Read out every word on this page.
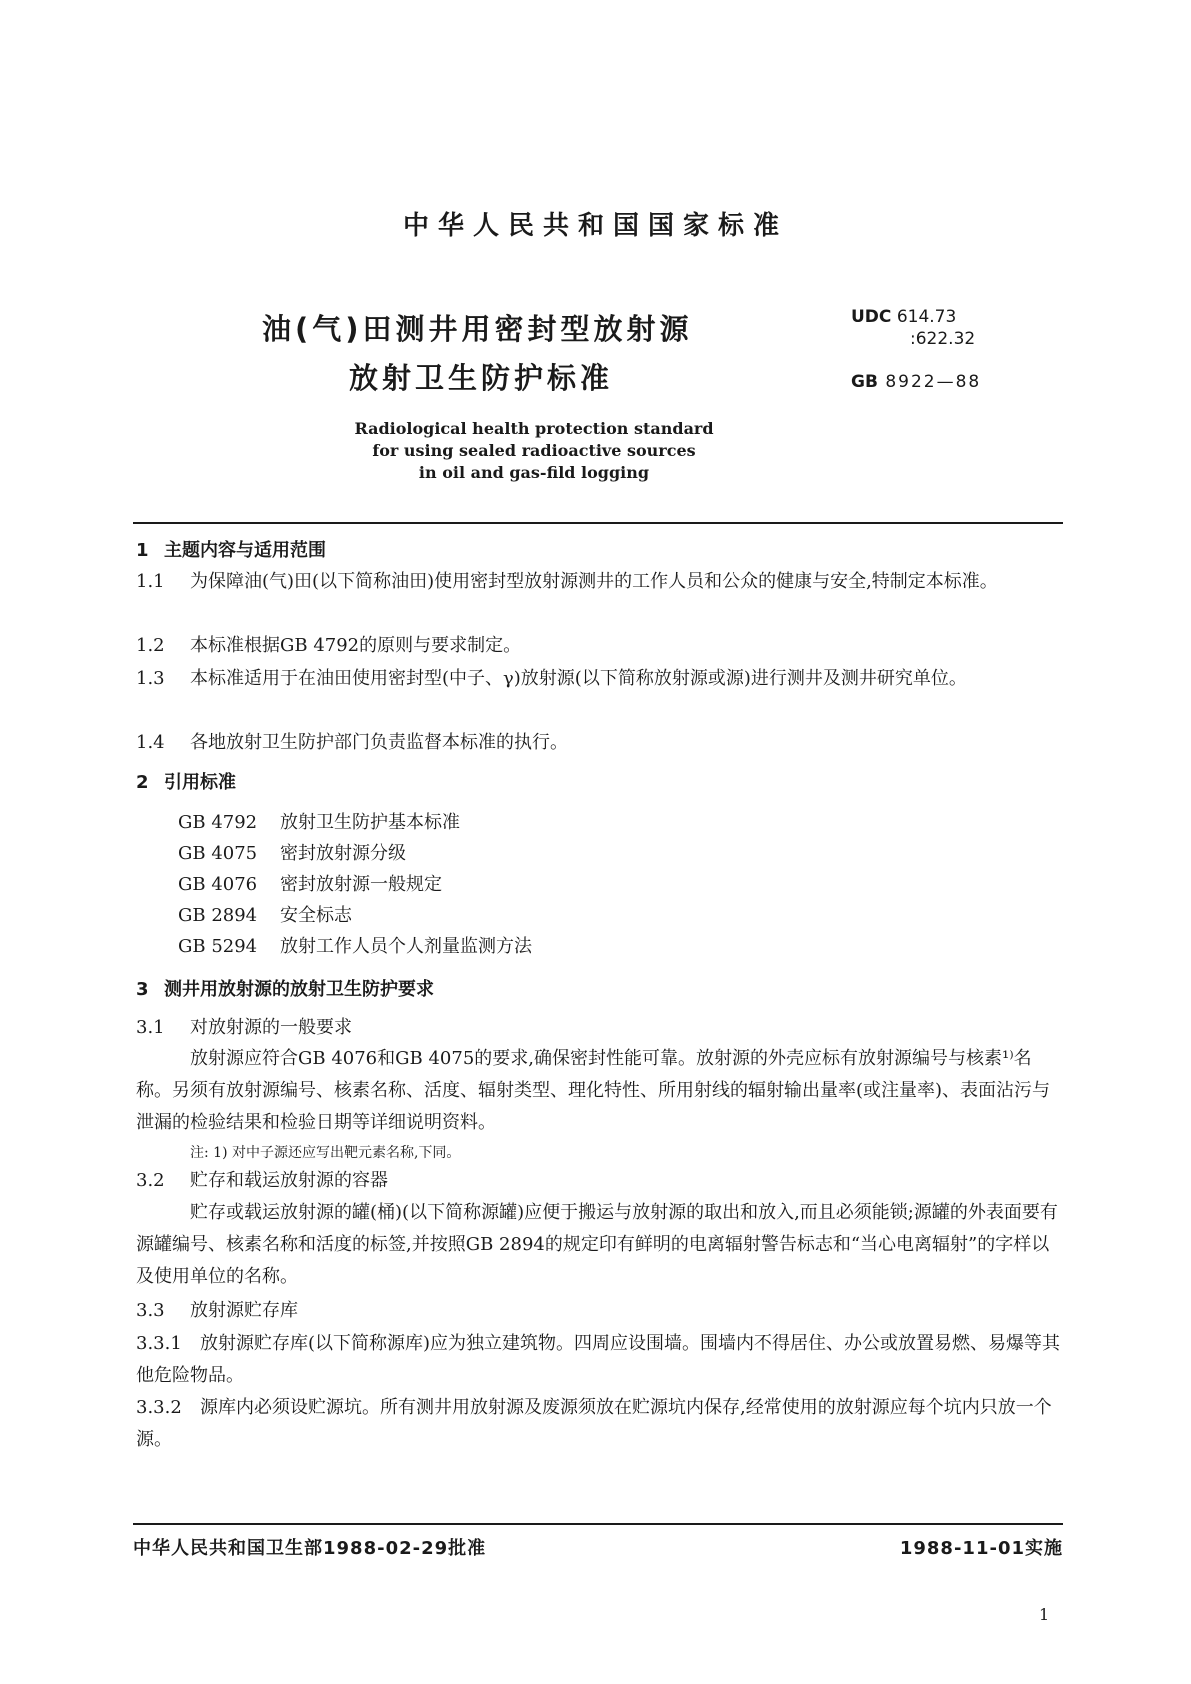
中华人民共和国国家标准
油(气)田测井用密封型放射源
放射卫生防护标准
UDC 614.73
:622.32
GB 8922—88
Radiological health protection standard
for using sealed radioactive sources
in oil and gas-fild logging
1 主题内容与适用范围
1.1 为保障油(气)田(以下简称油田)使用密封型放射源测井的工作人员和公众的健康与安全,特制定本标准。
1.2 本标准根据GB 4792的原则与要求制定。
1.3 本标准适用于在油田使用密封型(中子、γ)放射源(以下简称放射源或源)进行测井及测井研究单位。
1.4 各地放射卫生防护部门负责监督本标准的执行。
2 引用标准
GB 4792 放射卫生防护基本标准
GB 4075 密封放射源分级
GB 4076 密封放射源一般规定
GB 2894 安全标志
GB 5294 放射工作人员个人剂量监测方法
3 测井用放射源的放射卫生防护要求
3.1 对放射源的一般要求
放射源应符合GB 4076和GB 4075的要求,确保密封性能可靠。放射源的外壳应标有放射源编号与核素¹⁾名称。另须有放射源编号、核素名称、活度、辐射类型、理化特性、所用射线的辐射输出量率(或注量率)、表面沾污与泄漏的检验结果和检验日期等详细说明资料。
注: 1) 对中子源还应写出靶元素名称,下同。
3.2 贮存和载运放射源的容器
贮存或载运放射源的罐(桶)(以下简称源罐)应便于搬运与放射源的取出和放入,而且必须能锁;源罐的外表面要有源罐编号、核素名称和活度的标签,并按照GB 2894的规定印有鲜明的电离辐射警告标志和“当心电离辐射”的字样以及使用单位的名称。
3.3 放射源贮存库
3.3.1 放射源贮存库(以下简称源库)应为独立建筑物。四周应设围墙。围墙内不得居住、办公或放置易燃、易爆等其他危险物品。
3.3.2 源库内必须设贮源坑。所有测井用放射源及废源须放在贮源坑内保存,经常使用的放射源应每个坑内只放一个源。
中华人民共和国卫生部1988-02-29批准	1988-11-01实施
1
